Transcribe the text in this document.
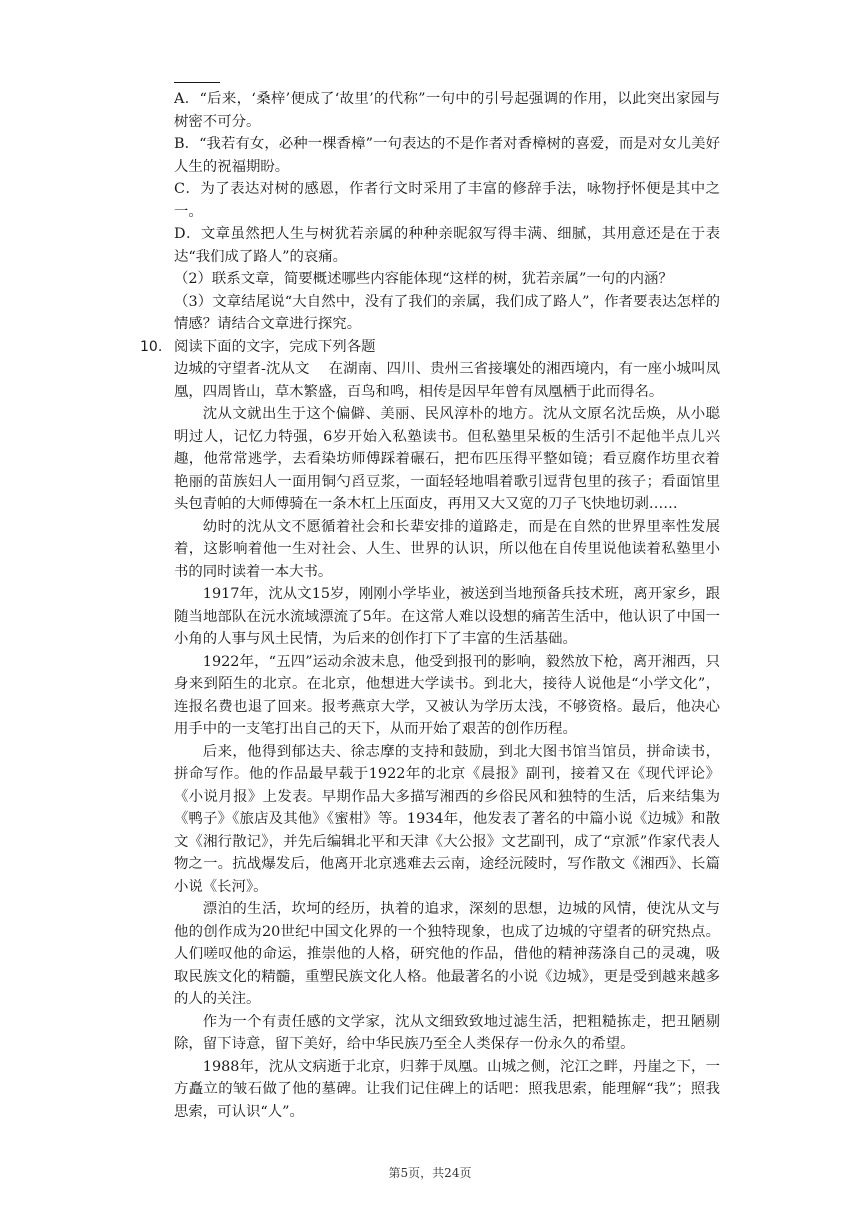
A．“后来，‘桑梓’便成了‘故里’的代称”一句中的引号起强调的作用，以此突出家园与树密不可分。

B．“我若有女，必种一棵香樟”一句表达的不是作者对香樟树的喜爱，而是对女儿美好人生的祝福期盼。

C．为了表达对树的感恩，作者行文时采用了丰富的修辞手法，咏物抒怀便是其中之一。

D．文章虽然把人生与树犹若亲属的种种亲昵叙写得丰满、细腻，其用意还是在于表达“我们成了路人”的哀痛。

（2）联系文章，简要概述哪些内容能体现“这样的树，犹若亲属”一句的内涵？

（3）文章结尾说“大自然中，没有了我们的亲属，我们成了路人”，作者要表达怎样的情感？请结合文章进行探究。

10. 阅读下面的文字，完成下列各题

边城的守望者-沈从文　 在湖南、四川、贵州三省接壤处的湘西境内，有一座小城叫凤凰，四周皆山，草木繁盛，百鸟和鸣，相传是因早年曾有凤凰栖于此而得名。

沈从文就出生于这个偏僻、美丽、民风淳朴的地方。沈从文原名沈岳焕，从小聪明过人，记忆力特强，6岁开始入私塾读书。但私塾里呆板的生活引不起他半点儿兴趣，他常常逃学，去看染坊师傅踩着碾石，把布匹压得平整如镜；看豆腐作坊里衣着艳丽的苗族妇人一面用铜勺舀豆浆，一面轻轻地唱着歌引逗背包里的孩子；看面馆里头包青帕的大师傅骑在一条木杠上压面皮，再用又大又宽的刀子飞快地切剥……

幼时的沈从文不愿循着社会和长辈安排的道路走，而是在自然的世界里率性发展着，这影响着他一生对社会、人生、世界的认识，所以他在自传里说他读着私塾里小书的同时读着一本大书。

1917年，沈从文15岁，刚刚小学毕业，被送到当地预备兵技术班，离开家乡，跟随当地部队在沅水流域漂流了5年。在这常人难以设想的痛苦生活中，他认识了中国一小角的人事与风土民情，为后来的创作打下了丰富的生活基础。

1922年，“五四”运动余波未息，他受到报刊的影响，毅然放下枪，离开湘西，只身来到陌生的北京。在北京，他想进大学读书。到北大，接待人说他是“小学文化”，连报名费也退了回来。报考燕京大学，又被认为学历太浅，不够资格。最后，他决心用手中的一支笔打出自己的天下，从而开始了艰苦的创作历程。

后来，他得到郁达夫、徐志摩的支持和鼓励，到北大图书馆当馆员，拼命读书，拼命写作。他的作品最早载于1922年的北京《晨报》副刊，接着又在《现代评论》《小说月报》上发表。早期作品大多描写湘西的乡俗民风和独特的生活，后来结集为《鸭子》《旅店及其他》《蜜柑》等。1934年，他发表了著名的中篇小说《边城》和散文《湘行散记》，并先后编辑北平和天津《大公报》文艺副刊，成了“京派”作家代表人物之一。抗战爆发后，他离开北京逃难去云南，途经沅陵时，写作散文《湘西》、长篇小说《长河》。

漂泊的生活，坎坷的经历，执着的追求，深刻的思想，边城的风情，使沈从文与他的创作成为20世纪中国文化界的一个独特现象，也成了边城的守望者的研究热点。人们嗟叹他的命运，推崇他的人格，研究他的作品，借他的精神荡涤自己的灵魂，吸取民族文化的精髓，重塑民族文化人格。他最著名的小说《边城》，更是受到越来越多的人的关注。

作为一个有责任感的文学家，沈从文细致致地过滤生活，把粗糙拣走，把丑陋剔除，留下诗意，留下美好，给中华民族乃至全人类保存一份永久的希望。

1988年，沈从文病逝于北京，归葬于凤凰。山城之侧，沱江之畔，丹崖之下，一方矗立的皱石做了他的墓碑。让我们记住碑上的话吧：照我思索，能理解“我”；照我思索，可认识“人”。

第5页，共24页
